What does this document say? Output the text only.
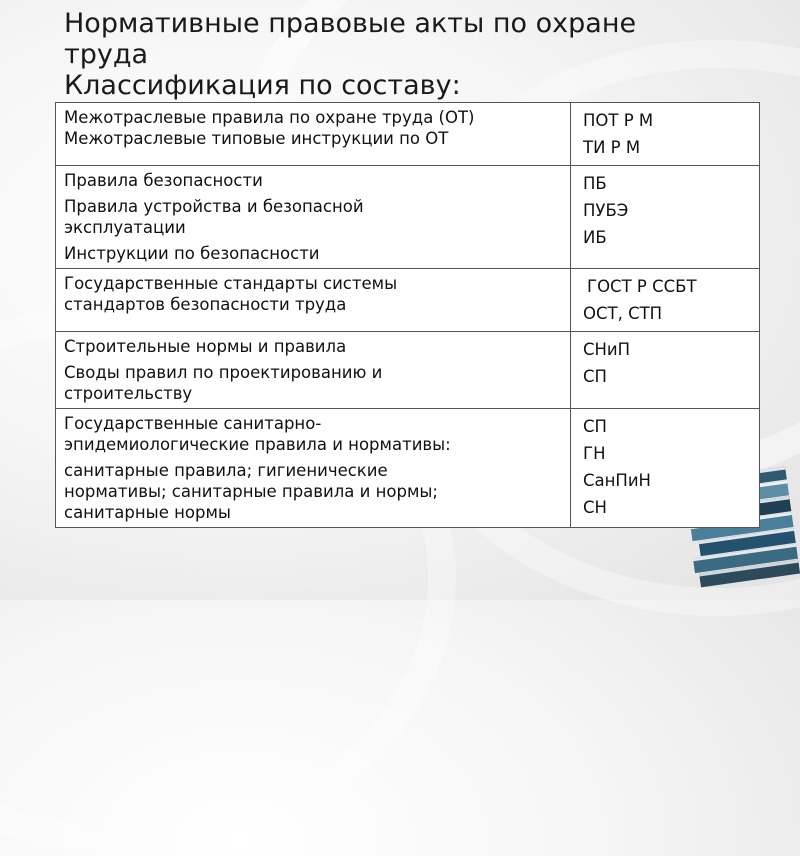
Нормативные правовые акты по охране
труда
Классификация по составу:
Межотраслевые правила по охране труда (ОТ)
Межотраслевые типовые инструкции по ОТ	ПОТ Р М
ТИ Р М

Правила безопасности
Правила устройства и безопасной
эксплуатации
Инструкции по безопасности	ПБ
ПУБЭ
ИБ

Государственные стандарты системы
стандартов безопасности труда	ГОСТ Р ССБТ
ОСТ, СТП

Строительные нормы и правила
Своды правил по проектированию и
строительству	СНиП
СП

Государственные санитарно-
эпидемиологические правила и нормативы:
санитарные правила; гигиенические
нормативы; санитарные правила и нормы;
санитарные нормы	СП
ГН
СанПиН
СН
